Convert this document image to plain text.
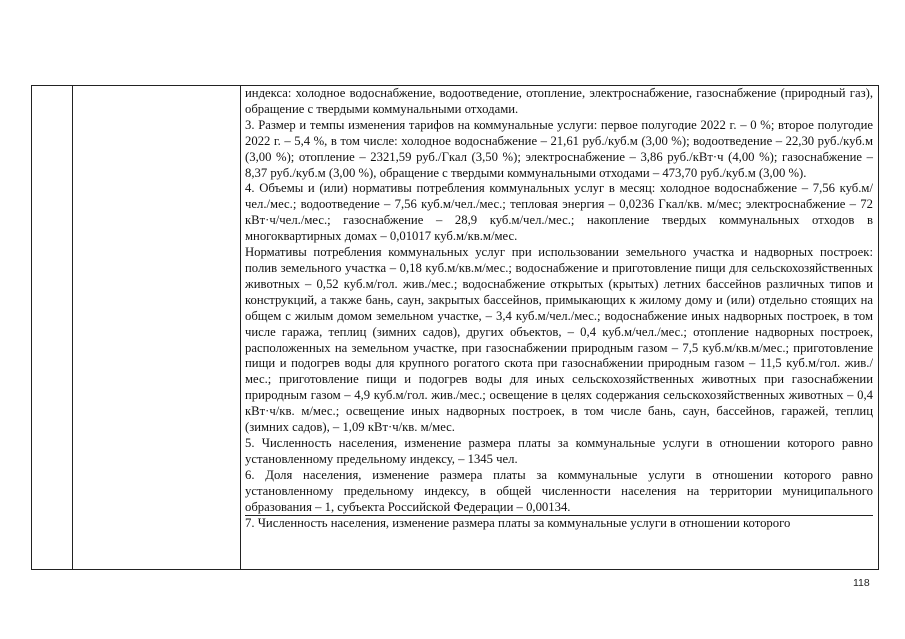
индекса: холодное водоснабжение, водоотведение, отопление, электроснабжение, газоснабжение (природный газ), обращение с твердыми коммунальными отходами.

3. Размер и темпы изменения тарифов на коммунальные услуги: первое полугодие 2022 г. – 0 %; второе полугодие 2022 г. – 5,4 %, в том числе: холодное водоснабжение – 21,61 руб./куб.м (3,00 %); водоотведение – 22,30 руб./куб.м (3,00 %); отопление – 2321,59 руб./Гкал (3,50 %); электроснабжение – 3,86 руб./кВт·ч (4,00 %); газоснабжение – 8,37 руб./куб.м (3,00 %), обращение с твердыми коммунальными отходами – 473,70 руб./куб.м (3,00 %).

4. Объемы и (или) нормативы потребления коммунальных услуг в месяц: холодное водоснабжение – 7,56 куб.м/чел./мес.; водоотведение – 7,56 куб.м/чел./мес.; тепловая энергия – 0,0236 Гкал/кв. м/мес; электроснабжение – 72 кВт·ч/чел./мес.; газоснабжение – 28,9 куб.м/чел./мес.; накопление твердых коммунальных отходов в многоквартирных домах – 0,01017 куб.м/кв.м/мес.

Нормативы потребления коммунальных услуг при использовании земельного участка и надворных построек: полив земельного участка – 0,18 куб.м/кв.м/мес.; водоснабжение и приготовление пищи для сельскохозяйственных животных – 0,52 куб.м/гол. жив./мес.; водоснабжение открытых (крытых) летних бассейнов различных типов и конструкций, а также бань, саун, закрытых бассейнов, примыкающих к жилому дому и (или) отдельно стоящих на общем с жилым домом земельном участке, – 3,4 куб.м/чел./мес.; водоснабжение иных надворных построек, в том числе гаража, теплиц (зимних садов), других объектов, – 0,4 куб.м/чел./мес.; отопление надворных построек, расположенных на земельном участке, при газоснабжении природным газом – 7,5 куб.м/кв.м/мес.; приготовление пищи и подогрев воды для крупного рогатого скота при газоснабжении природным газом – 11,5 куб.м/гол. жив./мес.; приготовление пищи и подогрев воды для иных сельскохозяйственных животных при газоснабжении природным газом – 4,9 куб.м/гол. жив./мес.; освещение в целях содержания сельскохозяйственных животных – 0,4 кВт·ч/кв. м/мес.; освещение иных надворных построек, в том числе бань, саун, бассейнов, гаражей, теплиц (зимних садов), – 1,09 кВт·ч/кв. м/мес.

5. Численность населения, изменение размера платы за коммунальные услуги в отношении которого равно установленному предельному индексу, – 1345 чел.

6. Доля населения, изменение размера платы за коммунальные услуги в отношении которого равно установленному предельному индексу, в общей численности населения на территории муниципального образования – 1, субъекта Российской Федерации – 0,00134.

7. Численность населения, изменение размера платы за коммунальные услуги в отношении которого

118
